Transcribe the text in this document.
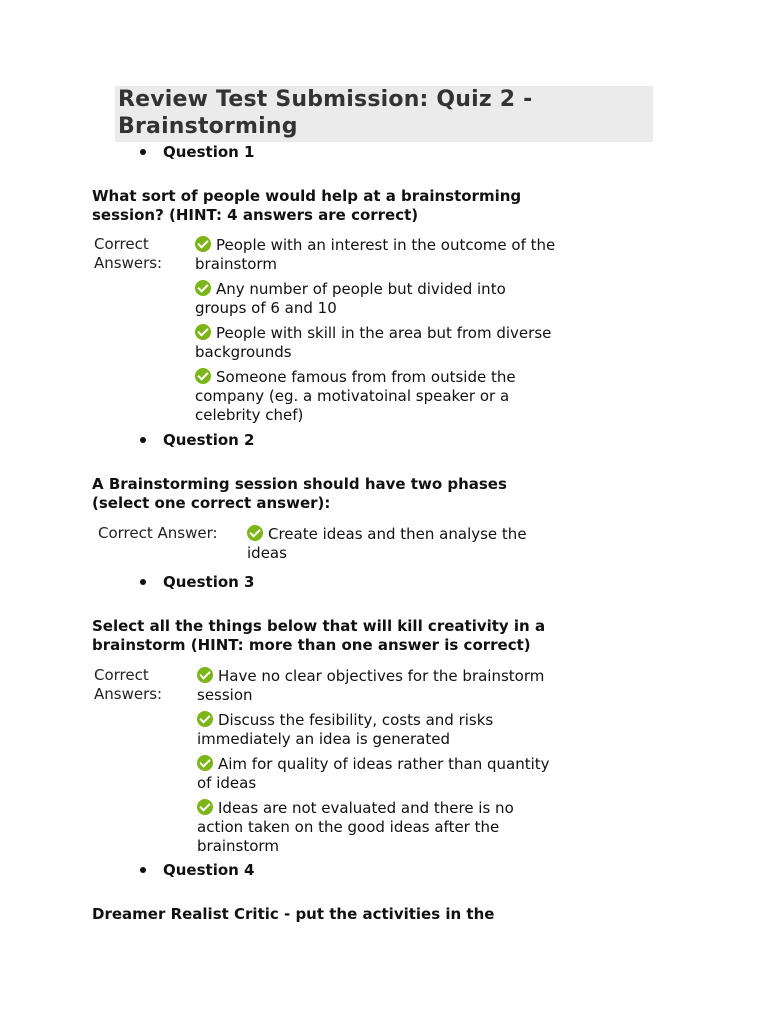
Review Test Submission: Quiz 2 -
Brainstorming
Question 1
What sort of people would help at a brainstorming
session? (HINT: 4 answers are correct)
Correct
Answers:
People with an interest in the outcome of the
brainstorm
Any number of people but divided into
groups of 6 and 10
People with skill in the area but from diverse
backgrounds
Someone famous from from outside the
company (eg. a motivatoinal speaker or a
celebrity chef)
Question 2
A Brainstorming session should have two phases
(select one correct answer):
Correct Answer:	Create ideas and then analyse the
ideas
Question 3
Select all the things below that will kill creativity in a
brainstorm (HINT: more than one answer is correct)
Correct
Answers:
Have no clear objectives for the brainstorm
session
Discuss the fesibility, costs and risks
immediately an idea is generated
Aim for quality of ideas rather than quantity
of ideas
Ideas are not evaluated and there is no
action taken on the good ideas after the
brainstorm
Question 4
Dreamer Realist Critic - put the activities in the
